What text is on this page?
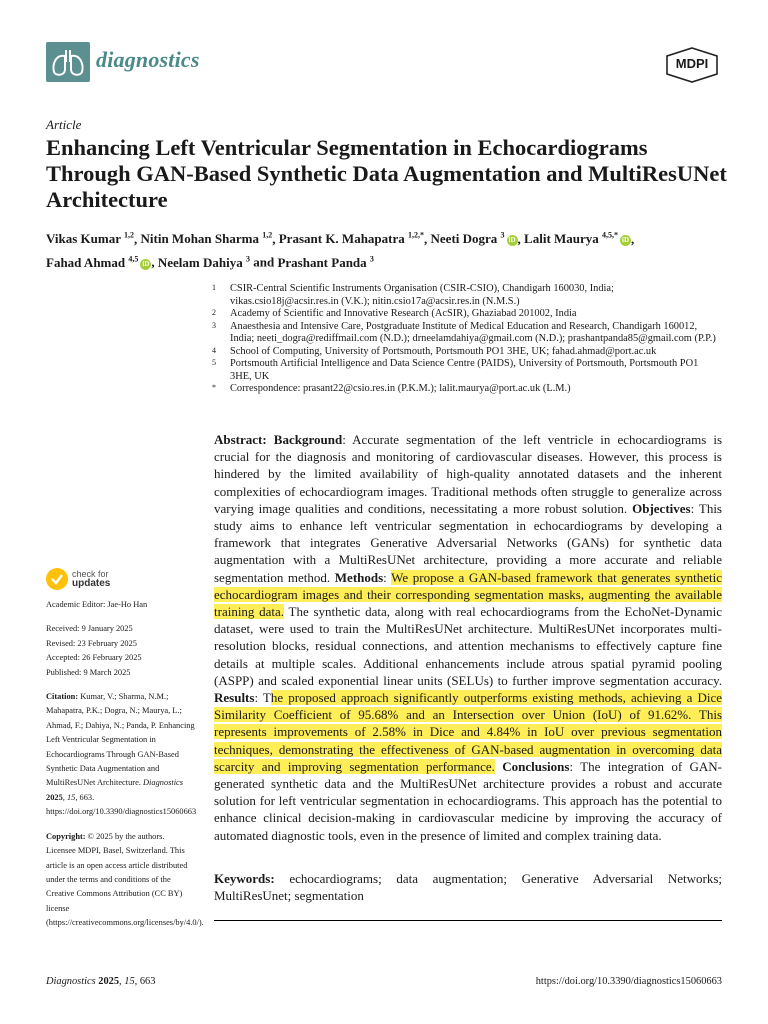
diagnostics	MDPI
Article
Enhancing Left Ventricular Segmentation in Echocardiograms Through GAN-Based Synthetic Data Augmentation and MultiResUNet Architecture
Vikas Kumar $^{1,2}$, Nitin Mohan Sharma $^{1,2}$, Prasant K. Mahapatra $^{1,2,*}$, Neeti Dogra $^3$iD , Lalit Maurya $^{4,5,*}$iD ,
Fahad Ahmad $^{4,5}$iD , Neelam Dahiya $^3$ and Prashant Panda $^3$
1	CSIR-Central Scientific Instruments Organisation (CSIR-CSIO), Chandigarh 160030, India; vikas.csio18j@acsir.res.in (V.K.); nitin.csio17a@acsir.res.in (N.M.S.)
2	Academy of Scientific and Innovative Research (AcSIR), Ghaziabad 201002, India
3	Anaesthesia and Intensive Care, Postgraduate Institute of Medical Education and Research, Chandigarh 160012, India; neeti_dogra@rediffmail.com (N.D.); drneelamdahiya@gmail.com (N.D.); prashantpanda85@gmail.com (P.P.)
4	School of Computing, University of Portsmouth, Portsmouth PO1 3HE, UK; fahad.ahmad@port.ac.uk
5	Portsmouth Artificial Intelligence and Data Science Centre (PAIDS), University of Portsmouth, Portsmouth PO1 3HE, UK
*	Correspondence: prasant22@csio.res.in (P.K.M.); lalit.maurya@port.ac.uk (L.M.)
Abstract: Background: Accurate segmentation of the left ventricle in echocardiograms is crucial for the diagnosis and monitoring of cardiovascular diseases. However, this process is hindered by the limited availability of high-quality annotated datasets and the inherent complexities of echocardiogram images. Traditional methods often struggle to generalize across varying image qualities and conditions, necessitating a more robust solution. Objectives: This study aims to enhance left ventricular segmentation in echocardiograms by developing a framework that integrates Generative Adversarial Networks (GANs) for synthetic data augmentation with a MultiResUNet architecture, providing a more accurate and reliable segmentation method. Methods: We propose a GAN-based framework that generates synthetic echocardiogram images and their corresponding segmentation masks, augmenting the available training data. The synthetic data, along with real echocardiograms from the EchoNet-Dynamic dataset, were used to train the MultiResUNet architecture. MultiResUNet incorporates multi-resolution blocks, residual connections, and attention mechanisms to effectively capture fine details at multiple scales. Additional enhancements include atrous spatial pyramid pooling (ASPP) and scaled exponential linear units (SELUs) to further improve segmentation accuracy. Results: The proposed approach significantly outperforms existing methods, achieving a Dice Similarity Coefficient of 95.68% and an Intersection over Union (IoU) of 91.62%. This represents improvements of 2.58% in Dice and 4.84% in IoU over previous segmentation techniques, demonstrating the effectiveness of GAN-based augmentation in overcoming data scarcity and improving segmentation performance. Conclusions: The integration of GAN-generated synthetic data and the MultiResUNet architecture provides a robust and accurate solution for left ventricular segmentation in echocardiograms. This approach has the potential to enhance clinical decision-making in cardiovascular medicine by improving the accuracy of automated diagnostic tools, even in the presence of limited and complex training data.
Keywords: echocardiograms; data augmentation; Generative Adversarial Networks; MultiResUnet; segmentation
check for
updates
Academic Editor: Jae-Ho Han
Received: 9 January 2025
Revised: 23 February 2025
Accepted: 26 February 2025
Published: 9 March 2025
Citation: Kumar, V.; Sharma, N.M.; Mahapatra, P.K.; Dogra, N.; Maurya, L.; Ahmad, F.; Dahiya, N.; Panda, P. Enhancing Left Ventricular Segmentation in Echocardiograms Through GAN-Based Synthetic Data Augmentation and MultiResUNet Architecture. Diagnostics 2025, 15, 663. https://doi.org/10.3390/diagnostics15060663
Copyright: © 2025 by the authors. Licensee MDPI, Basel, Switzerland. This article is an open access article distributed under the terms and conditions of the Creative Commons Attribution (CC BY) license (https://creativecommons.org/licenses/by/4.0/).
Diagnostics 2025, 15, 663	https://doi.org/10.3390/diagnostics15060663
